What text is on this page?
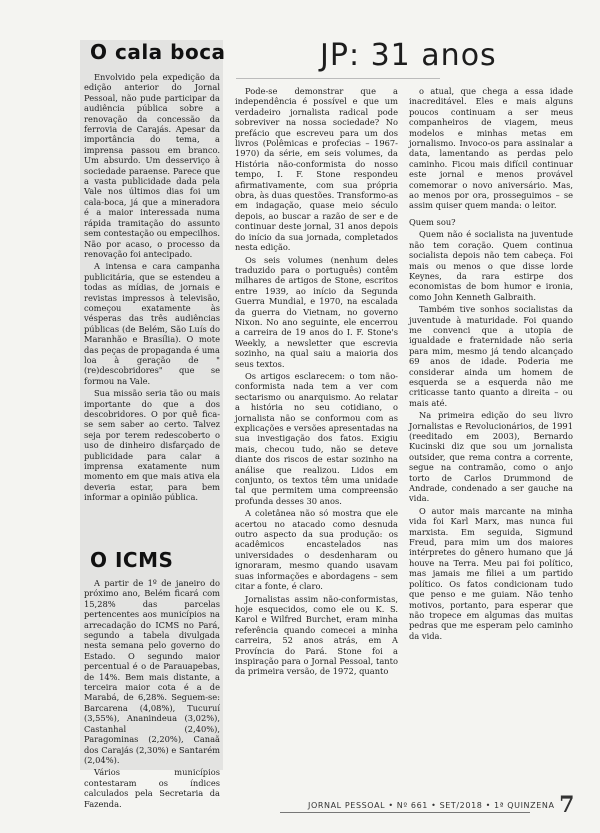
O cala boca

Envolvido pela expedição da edição anterior do Jornal Pessoal, não pude participar da audiência pública sobre a renovação da concessão da ferrovia de Carajás. Apesar da importância do tema, a imprensa passou em branco. Um absurdo. Um desserviço à sociedade paraense. Parece que a vasta publicidade dada pela Vale nos últimos dias foi um cala-boca, já que a mineradora é a maior interessada numa rápida tramitação do assunto sem contestação ou empecilhos. Não por acaso, o processo da renovação foi antecipado.

A intensa e cara campanha publicitária, que se estendeu a todas as mídias, de jornais e revistas impressos à televisão, começou exatamente às vésperas das três audiências públicas (de Belém, São Luís do Maranhão e Brasília). O mote das peças de propaganda é uma loa à geração de "(re)descobridores" que se formou na Vale.

Sua missão seria tão ou mais importante do que a dos descobridores. O por quê fica-se sem saber ao certo. Talvez seja por terem redescoberto o uso de dinheiro disfarçado de publicidade para calar a imprensa exatamente num momento em que mais ativa ela deveria estar, para bem informar a opinião pública.

O ICMS

A partir de 1º de janeiro do próximo ano, Belém ficará com 15,28% das parcelas pertencentes aos municípios na arrecadação do ICMS no Pará, segundo a tabela divulgada nesta semana pelo governo do Estado. O segundo maior percentual é o de Parauapebas, de 14%. Bem mais distante, a terceira maior cota é a de Marabá, de 6,28%. Seguem-se: Barcarena (4,08%), Tucuruí (3,55%), Ananindeua (3,02%), Castanhal (2,40%), Paragominas (2,20%), Canaã dos Carajás (2,30%) e Santarém (2,04%).

Vários municípios contestaram os índices calculados pela Secretaria da Fazenda.

JP: 31 anos

Pode-se demonstrar que a independência é possível e que um verdadeiro jornalista radical pode sobreviver na nossa sociedade? No prefácio que escreveu para um dos livros (Polêmicas e profecias – 1967-1970) da série, em seis volumes, da História não-conformista do nosso tempo, I. F. Stone respondeu afirmativamente, com sua própria obra, às duas questões. Transformo-as em indagação, quase meio século depois, ao buscar a razão de ser e de continuar deste jornal, 31 anos depois do início da sua jornada, completados nesta edição.

Os seis volumes (nenhum deles traduzido para o português) contêm milhares de artigos de Stone, escritos entre 1939, ao início da Segunda Guerra Mundial, e 1970, na escalada da guerra do Vietnam, no governo Nixon. No ano seguinte, ele encerrou a carreira de 19 anos do I. F. Stone's Weekly, a newsletter que escrevia sozinho, na qual saiu a maioria dos seus textos.

Os artigos esclarecem: o tom não-conformista nada tem a ver com sectarismo ou anarquismo. Ao relatar a história no seu cotidiano, o jornalista não se conformou com as explicações e versões apresentadas na sua investigação dos fatos. Exigiu mais, checou tudo, não se deteve diante dos riscos de estar sozinho na análise que realizou. Lidos em conjunto, os textos têm uma unidade tal que permitem uma compreensão profunda desses 30 anos.

A coletânea não só mostra que ele acertou no atacado como desnuda outro aspecto da sua produção: os acadêmicos encastelados nas universidades o desdenharam ou ignoraram, mesmo quando usavam suas informações e abordagens – sem citar a fonte, é claro.

Jornalistas assim não-conformistas, hoje esquecidos, como ele ou K. S. Karol e Wilfred Burchet, eram minha referência quando comecei a minha carreira, 52 anos atrás, em A Província do Pará. Stone foi a inspiração para o Jornal Pessoal, tanto da primeira versão, de 1972, quanto

o atual, que chega a essa idade inacreditável. Eles e mais alguns poucos continuam a ser meus companheiros de viagem, meus modelos e minhas metas em jornalismo. Invoco-os para assinalar a data, lamentando as perdas pelo caminho. Ficou mais difícil continuar este jornal e menos provável comemorar o novo aniversário. Mas, ao menos por ora, prosseguimos – se assim quiser quem manda: o leitor.

Quem sou?

Quem não é socialista na juventude não tem coração. Quem continua socialista depois não tem cabeça. Foi mais ou menos o que disse lorde Keynes, da rara estirpe dos economistas de bom humor e ironia, como John Kenneth Galbraith.

Também tive sonhos socialistas da juventude à maturidade. Foi quando me convenci que a utopia de igualdade e fraternidade não seria para mim, mesmo já tendo alcançado 69 anos de idade. Poderia me considerar ainda um homem de esquerda se a esquerda não me criticasse tanto quanto a direita – ou mais até.

Na primeira edição do seu livro Jornalistas e Revolucionários, de 1991 (reeditado em 2003), Bernardo Kucinski diz que sou um jornalista outsider, que rema contra a corrente, segue na contramão, como o anjo torto de Carlos Drummond de Andrade, condenado a ser gauche na vida.

O autor mais marcante na minha vida foi Karl Marx, mas nunca fui marxista. Em seguida, Sigmund Freud, para mim um dos maiores intérpretes do gênero humano que já houve na Terra. Meu pai foi político, mas jamais me filiei a um partido político. Os fatos condicionam tudo que penso e me guiam. Não tenho motivos, portanto, para esperar que não tropece em algumas das muitas pedras que me esperam pelo caminho da vida.

JORNAL PESSOAL • Nº 661 • SET/2018 • 1ª QUINZENA 7
